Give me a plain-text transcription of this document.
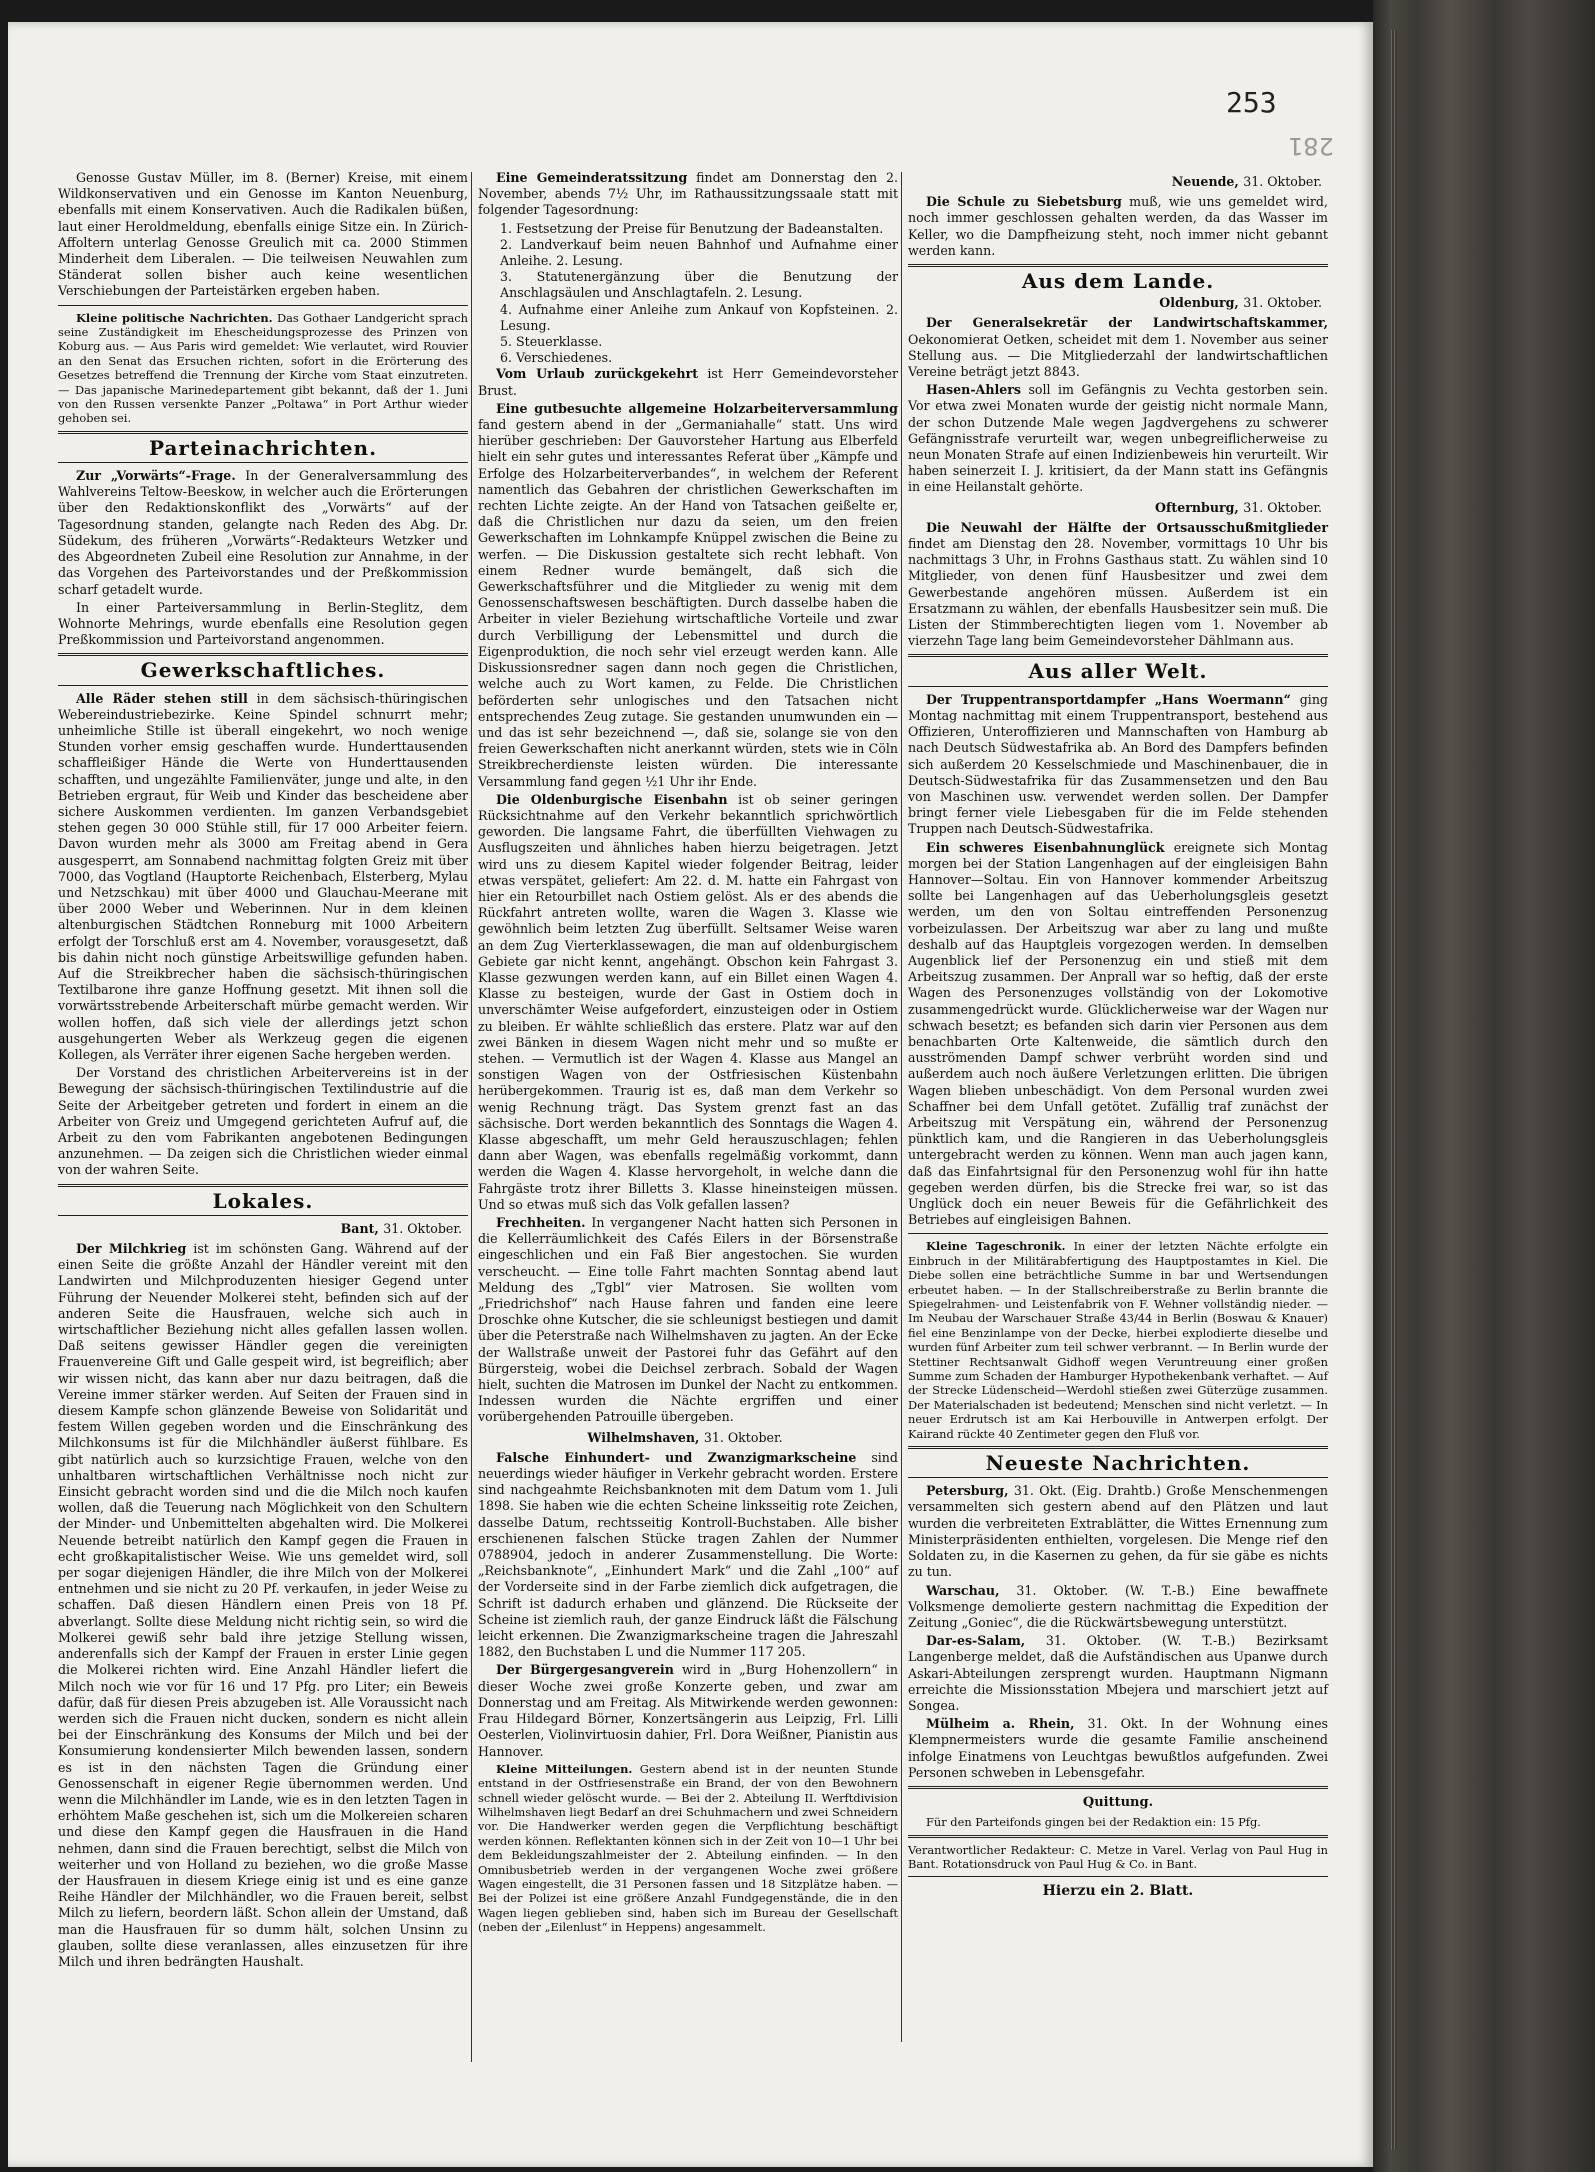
253
281

Genosse Gustav Müller, im 8. (Berner) Kreise, mit einem Wildkonservativen und ein Genosse im Kanton Neuenburg, ebenfalls mit einem Konservativen. Auch die Radikalen büßen, laut einer Heroldmeldung, ebenfalls einige Sitze ein. In Zürich-Affoltern unterlag Genosse Greulich mit ca. 2000 Stimmen Minderheit dem Liberalen. — Die teilweisen Neuwahlen zum Ständerat sollen bisher auch keine wesentlichen Verschiebungen der Parteistärken ergeben haben.

Kleine politische Nachrichten. Das Gothaer Landgericht sprach seine Zuständigkeit im Ehescheidungsprozesse des Prinzen von Koburg aus. — Aus Paris wird gemeldet: Wie verlautet, wird Rouvier an den Senat das Ersuchen richten, sofort in die Erörterung des Gesetzes betreffend die Trennung der Kirche vom Staat einzutreten. — Das japanische Marinedepartement gibt bekannt, daß der 1. Juni von den Russen versenkte Panzer „Poltawa“ in Port Arthur wieder gehoben sei.

Parteinachrichten.

Zur „Vorwärts“-Frage. In der Generalversammlung des Wahlvereins Teltow-Beeskow, in welcher auch die Erörterungen über den Redaktionskonflikt des „Vorwärts“ auf der Tagesordnung standen, gelangte nach Reden des Abg. Dr. Südekum, des früheren „Vorwärts“-Redakteurs Wetzker und des Abgeordneten Zubeil eine Resolution zur Annahme, in der das Vorgehen des Parteivorstandes und der Preßkommission scharf getadelt wurde.

In einer Parteiversammlung in Berlin-Steglitz, dem Wohnorte Mehrings, wurde ebenfalls eine Resolution gegen Preßkommission und Parteivorstand angenommen.

Gewerkschaftliches.

Alle Räder stehen still in dem sächsisch-thüringischen Webereindustriebezirke. Keine Spindel schnurrt mehr; unheimliche Stille ist überall eingekehrt, wo noch wenige Stunden vorher emsig geschaffen wurde. Hunderttausenden schaffleißiger Hände die Werte von Hunderttausenden schafften, und ungezählte Familienväter, junge und alte, in den Betrieben ergraut, für Weib und Kinder das bescheidene aber sichere Auskommen verdienten. Im ganzen Verbandsgebiet stehen gegen 30 000 Stühle still, für 17 000 Arbeiter feiern. Davon wurden mehr als 3000 am Freitag abend in Gera ausgesperrt, am Sonnabend nachmittag folgten Greiz mit über 7000, das Vogtland (Hauptorte Reichenbach, Elsterberg, Mylau und Netzschkau) mit über 4000 und Glauchau-Meerane mit über 2000 Weber und Weberinnen. Nur in dem kleinen altenburgischen Städtchen Ronneburg mit 1000 Arbeitern erfolgt der Torschluß erst am 4. November, vorausgesetzt, daß bis dahin nicht noch günstige Arbeitswillige gefunden haben. Auf die Streikbrecher haben die sächsisch-thüringischen Textilbarone ihre ganze Hoffnung gesetzt. Mit ihnen soll die vorwärtsstrebende Arbeiterschaft mürbe gemacht werden. Wir wollen hoffen, daß sich viele der allerdings jetzt schon ausgehungerten Weber als Werkzeug gegen die eigenen Kollegen, als Verräter ihrer eigenen Sache hergeben werden.

Der Vorstand des christlichen Arbeitervereins ist in der Bewegung der sächsisch-thüringischen Textilindustrie auf die Seite der Arbeitgeber getreten und fordert in einem an die Arbeiter von Greiz und Umgegend gerichteten Aufruf auf, die Arbeit zu den vom Fabrikanten angebotenen Bedingungen anzunehmen. — Da zeigen sich die Christlichen wieder einmal von der wahren Seite.

Lokales.
Bant, 31. Oktober.

Der Milchkrieg ist im schönsten Gang. Während auf der einen Seite die größte Anzahl der Händler vereint mit den Landwirten und Milchproduzenten hiesiger Gegend unter Führung der Neuender Molkerei steht, befinden sich auf der anderen Seite die Hausfrauen, welche sich auch in wirtschaftlicher Beziehung nicht alles gefallen lassen wollen. Daß seitens gewisser Händler gegen die vereinigten Frauenvereine Gift und Galle gespeit wird, ist begreiflich; aber wir wissen nicht, das kann aber nur dazu beitragen, daß die Vereine immer stärker werden. Auf Seiten der Frauen sind in diesem Kampfe schon glänzende Beweise von Solidarität und festem Willen gegeben worden und die Einschränkung des Milchkonsums ist für die Milchhändler äußerst fühlbare. Es gibt natürlich auch so kurzsichtige Frauen, welche von den unhaltbaren wirtschaftlichen Verhältnisse noch nicht zur Einsicht gebracht worden sind und die die Milch noch kaufen wollen, daß die Teuerung nach Möglichkeit von den Schultern der Minder- und Unbemittelten abgehalten wird. Die Molkerei Neuende betreibt natürlich den Kampf gegen die Frauen in echt großkapitalistischer Weise. Wie uns gemeldet wird, soll per sogar diejenigen Händler, die ihre Milch von der Molkerei entnehmen und sie nicht zu 20 Pf. verkaufen, in jeder Weise zu schaffen. Daß diesen Händlern einen Preis von 18 Pf. abverlangt. Sollte diese Meldung nicht richtig sein, so wird die Molkerei gewiß sehr bald ihre jetzige Stellung wissen, anderenfalls sich der Kampf der Frauen in erster Linie gegen die Molkerei richten wird. Eine Anzahl Händler liefert die Milch noch wie vor für 16 und 17 Pfg. pro Liter; ein Beweis dafür, daß für diesen Preis abzugeben ist. Alle Voraussicht nach werden sich die Frauen nicht ducken, sondern es nicht allein bei der Einschränkung des Konsums der Milch und bei der Konsumierung kondensierter Milch bewenden lassen, sondern es ist in den nächsten Tagen die Gründung einer Genossenschaft in eigener Regie übernommen werden. Und wenn die Milchhändler im Lande, wie es in den letzten Tagen in erhöhtem Maße geschehen ist, sich um die Molkereien scharen und diese den Kampf gegen die Hausfrauen in die Hand nehmen, dann sind die Frauen berechtigt, selbst die Milch von weiterher und von Holland zu beziehen, wo die große Masse der Hausfrauen in diesem Kriege einig ist und es eine ganze Reihe Händler der Milchhändler, wo die Frauen bereit, selbst Milch zu liefern, beordern läßt. Schon allein der Umstand, daß man die Hausfrauen für so dumm hält, solchen Unsinn zu glauben, sollte diese veranlassen, alles einzusetzen für ihre Milch und ihren bedrängten Haushalt.

Eine Gemeinderatssitzung findet am Donnerstag den 2. November, abends 7½ Uhr, im Rathaussitzungssaale statt mit folgender Tagesordnung:

1. Festsetzung der Preise für Benutzung der Badeanstalten.
2. Landverkauf beim neuen Bahnhof und Aufnahme einer Anleihe. 2. Lesung.
3. Statutenergänzung über die Benutzung der Anschlagsäulen und Anschlagtafeln. 2. Lesung.
4. Aufnahme einer Anleihe zum Ankauf von Kopfsteinen. 2. Lesung.
5. Steuerklasse.
6. Verschiedenes.

Vom Urlaub zurückgekehrt ist Herr Gemeindevorsteher Brust.

Eine gutbesuchte allgemeine Holzarbeiterversammlung fand gestern abend in der „Germaniahalle“ statt. Uns wird hierüber geschrieben: Der Gauvorsteher Hartung aus Elberfeld hielt ein sehr gutes und interessantes Referat über „Kämpfe und Erfolge des Holzarbeiterverbandes“, in welchem der Referent namentlich das Gebahren der christlichen Gewerkschaften im rechten Lichte zeigte. An der Hand von Tatsachen geißelte er, daß die Christlichen nur dazu da seien, um den freien Gewerkschaften im Lohnkampfe Knüppel zwischen die Beine zu werfen. — Die Diskussion gestaltete sich recht lebhaft. Von einem Redner wurde bemängelt, daß sich die Gewerkschaftsführer und die Mitglieder zu wenig mit dem Genossenschaftswesen beschäftigten. Durch dasselbe haben die Arbeiter in vieler Beziehung wirtschaftliche Vorteile und zwar durch Verbilligung der Lebensmittel und durch die Eigenproduktion, die noch sehr viel erzeugt werden kann. Alle Diskussionsredner sagen dann noch gegen die Christlichen, welche auch zu Wort kamen, zu Felde. Die Christlichen beförderten sehr unlogisches und den Tatsachen nicht entsprechendes Zeug zutage. Sie gestanden unumwunden ein — und das ist sehr bezeichnend —, daß sie, solange sie von den freien Gewerkschaften nicht anerkannt würden, stets wie in Cöln Streikbrecherdienste leisten würden. Die interessante Versammlung fand gegen ½1 Uhr ihr Ende.

Die Oldenburgische Eisenbahn ist ob seiner geringen Rücksichtnahme auf den Verkehr bekanntlich sprichwörtlich geworden. Die langsame Fahrt, die überfüllten Viehwagen zu Ausflugszeiten und ähnliches haben hierzu beigetragen. Jetzt wird uns zu diesem Kapitel wieder folgender Beitrag, leider etwas verspätet, geliefert: Am 22. d. M. hatte ein Fahrgast von hier ein Retourbillet nach Ostiem gelöst. Als er des abends die Rückfahrt antreten wollte, waren die Wagen 3. Klasse wie gewöhnlich beim letzten Zug überfüllt. Seltsamer Weise waren an dem Zug Vierterklassewagen, die man auf oldenburgischem Gebiete gar nicht kennt, angehängt. Obschon kein Fahrgast 3. Klasse gezwungen werden kann, auf ein Billet einen Wagen 4. Klasse zu besteigen, wurde der Gast in Ostiem doch in unverschämter Weise aufgefordert, einzusteigen oder in Ostiem zu bleiben. Er wählte schließlich das erstere. Platz war auf den zwei Bänken in diesem Wagen nicht mehr und so mußte er stehen. — Vermutlich ist der Wagen 4. Klasse aus Mangel an sonstigen Wagen von der Ostfriesischen Küstenbahn herübergekommen. Traurig ist es, daß man dem Verkehr so wenig Rechnung trägt. Das System grenzt fast an das sächsische. Dort werden bekanntlich des Sonntags die Wagen 4. Klasse abgeschafft, um mehr Geld herauszuschlagen; fehlen dann aber Wagen, was ebenfalls regelmäßig vorkommt, dann werden die Wagen 4. Klasse hervorgeholt, in welche dann die Fahrgäste trotz ihrer Billetts 3. Klasse hineinsteigen müssen. Und so etwas muß sich das Volk gefallen lassen?

Frechheiten. In vergangener Nacht hatten sich Personen in die Kellerräumlichkeit des Cafés Eilers in der Börsenstraße eingeschlichen und ein Faß Bier angestochen. Sie wurden verscheucht. — Eine tolle Fahrt machten Sonntag abend laut Meldung des „Tgbl“ vier Matrosen. Sie wollten vom „Friedrichshof“ nach Hause fahren und fanden eine leere Droschke ohne Kutscher, die sie schleunigst bestiegen und damit über die Peterstraße nach Wilhelmshaven zu jagten. An der Ecke der Wallstraße unweit der Pastorei fuhr das Gefährt auf den Bürgersteig, wobei die Deichsel zerbrach. Sobald der Wagen hielt, suchten die Matrosen im Dunkel der Nacht zu entkommen. Indessen wurden die Nächte ergriffen und einer vorübergehenden Patrouille übergeben.

Wilhelmshaven, 31. Oktober.

Falsche Einhundert- und Zwanzigmarkscheine sind neuerdings wieder häufiger in Verkehr gebracht worden. Erstere sind nachgeahmte Reichsbanknoten mit dem Datum vom 1. Juli 1898. Sie haben wie die echten Scheine linksseitig rote Zeichen, dasselbe Datum, rechtsseitig Kontroll-Buchstaben. Alle bisher erschienenen falschen Stücke tragen Zahlen der Nummer 0788904, jedoch in anderer Zusammenstellung. Die Worte: „Reichsbanknote“, „Einhundert Mark“ und die Zahl „100“ auf der Vorderseite sind in der Farbe ziemlich dick aufgetragen, die Schrift ist dadurch erhaben und glänzend. Die Rückseite der Scheine ist ziemlich rauh, der ganze Eindruck läßt die Fälschung leicht erkennen. Die Zwanzigmarkscheine tragen die Jahreszahl 1882, den Buchstaben L und die Nummer 117 205.

Der Bürgergesangverein wird in „Burg Hohenzollern“ in dieser Woche zwei große Konzerte geben, und zwar am Donnerstag und am Freitag. Als Mitwirkende werden gewonnen: Frau Hildegard Börner, Konzertsängerin aus Leipzig, Frl. Lilli Oesterlen, Violinvirtuosin dahier, Frl. Dora Weißner, Pianistin aus Hannover.

Kleine Mitteilungen. Gestern abend ist in der neunten Stunde entstand in der Ostfriesenstraße ein Brand, der von den Bewohnern schnell wieder gelöscht wurde. — Bei der 2. Abteilung II. Werftdivision Wilhelmshaven liegt Bedarf an drei Schuhmachern und zwei Schneidern vor. Die Handwerker werden gegen die Verpflichtung beschäftigt werden können. Reflektanten können sich in der Zeit von 10—1 Uhr bei dem Bekleidungszahlmeister der 2. Abteilung einfinden. — In den Omnibusbetrieb werden in der vergangenen Woche zwei größere Wagen eingestellt, die 31 Personen fassen und 18 Sitzplätze haben. — Bei der Polizei ist eine größere Anzahl Fundgegenstände, die in den Wagen liegen geblieben sind, haben sich im Bureau der Gesellschaft (neben der „Eilenlust“ in Heppens) angesammelt.

Neuende, 31. Oktober.

Die Schule zu Siebetsburg muß, wie uns gemeldet wird, noch immer geschlossen gehalten werden, da das Wasser im Keller, wo die Dampfheizung steht, noch immer nicht gebannt werden kann.

Aus dem Lande.
Oldenburg, 31. Oktober.

Der Generalsekretär der Landwirtschaftskammer, Oekonomierat Oetken, scheidet mit dem 1. November aus seiner Stellung aus. — Die Mitgliederzahl der landwirtschaftlichen Vereine beträgt jetzt 8843.

Hasen-Ahlers soll im Gefängnis zu Vechta gestorben sein. Vor etwa zwei Monaten wurde der geistig nicht normale Mann, der schon Dutzende Male wegen Jagdvergehens zu schwerer Gefängnisstrafe verurteilt war, wegen unbegreiflicherweise zu neun Monaten Strafe auf einen Indizienbeweis hin verurteilt. Wir haben seinerzeit I. J. kritisiert, da der Mann statt ins Gefängnis in eine Heilanstalt gehörte.

Ofternburg, 31. Oktober.

Die Neuwahl der Hälfte der Ortsausschußmitglieder findet am Dienstag den 28. November, vormittags 10 Uhr bis nachmittags 3 Uhr, in Frohns Gasthaus statt. Zu wählen sind 10 Mitglieder, von denen fünf Hausbesitzer und zwei dem Gewerbestande angehören müssen. Außerdem ist ein Ersatzmann zu wählen, der ebenfalls Hausbesitzer sein muß. Die Listen der Stimmberechtigten liegen vom 1. November ab vierzehn Tage lang beim Gemeindevorsteher Dählmann aus.

Aus aller Welt.

Der Truppentransportdampfer „Hans Woermann“ ging Montag nachmittag mit einem Truppentransport, bestehend aus Offizieren, Unteroffizieren und Mannschaften von Hamburg ab nach Deutsch Südwestafrika ab. An Bord des Dampfers befinden sich außerdem 20 Kesselschmiede und Maschinenbauer, die in Deutsch-Südwestafrika für das Zusammensetzen und den Bau von Maschinen usw. verwendet werden sollen. Der Dampfer bringt ferner viele Liebesgaben für die im Felde stehenden Truppen nach Deutsch-Südwestafrika.

Ein schweres Eisenbahnunglück ereignete sich Montag morgen bei der Station Langenhagen auf der eingleisigen Bahn Hannover—Soltau. Ein von Hannover kommender Arbeitszug sollte bei Langenhagen auf das Ueberholungsgleis gesetzt werden, um den von Soltau eintreffenden Personenzug vorbeizulassen. Der Arbeitszug war aber zu lang und mußte deshalb auf das Hauptgleis vorgezogen werden. In demselben Augenblick lief der Personenzug ein und stieß mit dem Arbeitszug zusammen. Der Anprall war so heftig, daß der erste Wagen des Personenzuges vollständig von der Lokomotive zusammengedrückt wurde. Glücklicherweise war der Wagen nur schwach besetzt; es befanden sich darin vier Personen aus dem benachbarten Orte Kaltenweide, die sämtlich durch den ausströmenden Dampf schwer verbrüht worden sind und außerdem auch noch äußere Verletzungen erlitten. Die übrigen Wagen blieben unbeschädigt. Von dem Personal wurden zwei Schaffner bei dem Unfall getötet. Zufällig traf zunächst der Arbeitszug mit Verspätung ein, während der Personenzug pünktlich kam, und die Rangieren in das Ueberholungsgleis untergebracht werden zu können. Wenn man auch jagen kann, daß das Einfahrtsignal für den Personenzug wohl für ihn hatte gegeben werden dürfen, bis die Strecke frei war, so ist das Unglück doch ein neuer Beweis für die Gefährlichkeit des Betriebes auf eingleisigen Bahnen.

Kleine Tageschronik. In einer der letzten Nächte erfolgte ein Einbruch in der Militärabfertigung des Hauptpostamtes in Kiel. Die Diebe sollen eine beträchtliche Summe in bar und Wertsendungen erbeutet haben. — In der Stallschreiberstraße zu Berlin brannte die Spiegelrahmen- und Leistenfabrik von F. Wehner vollständig nieder. — Im Neubau der Warschauer Straße 43/44 in Berlin (Boswau & Knauer) fiel eine Benzinlampe von der Decke, hierbei explodierte dieselbe und wurden fünf Arbeiter zum teil schwer verbrannt. — In Berlin wurde der Stettiner Rechtsanwalt Gidhoff wegen Veruntreuung einer großen Summe zum Schaden der Hamburger Hypothekenbank verhaftet. — Auf der Strecke Lüdenscheid—Werdohl stießen zwei Güterzüge zusammen. Der Materialschaden ist bedeutend; Menschen sind nicht verletzt. — In neuer Erdrutsch ist am Kai Herbouville in Antwerpen erfolgt. Der Kairand rückte 40 Zentimeter gegen den Fluß vor.

Neueste Nachrichten.

Petersburg, 31. Okt. (Eig. Drahtb.) Große Menschenmengen versammelten sich gestern abend auf den Plätzen und laut wurden die verbreiteten Extrablätter, die Wittes Ernennung zum Ministerpräsidenten enthielten, vorgelesen. Die Menge rief den Soldaten zu, in die Kasernen zu gehen, da für sie gäbe es nichts zu tun.

Warschau, 31. Oktober. (W. T.-B.) Eine bewaffnete Volksmenge demolierte gestern nachmittag die Expedition der Zeitung „Goniec“, die die Rückwärtsbewegung unterstützt.

Dar-es-Salam, 31. Oktober. (W. T.-B.) Bezirksamt Langenberge meldet, daß die Aufständischen aus Upanwe durch Askari-Abteilungen zersprengt wurden. Hauptmann Nigmann erreichte die Missionsstation Mbejera und marschiert jetzt auf Songea.

Mülheim a. Rhein, 31. Okt. In der Wohnung eines Klempnermeisters wurde die gesamte Familie anscheinend infolge Einatmens von Leuchtgas bewußtlos aufgefunden. Zwei Personen schweben in Lebensgefahr.

Quittung.

Für den Parteifonds gingen bei der Redaktion ein: 15 Pfg.

Verantwortlicher Redakteur: C. Metze in Varel. Verlag von Paul Hug in Bant. Rotationsdruck von Paul Hug & Co. in Bant.
Hierzu ein 2. Blatt.
